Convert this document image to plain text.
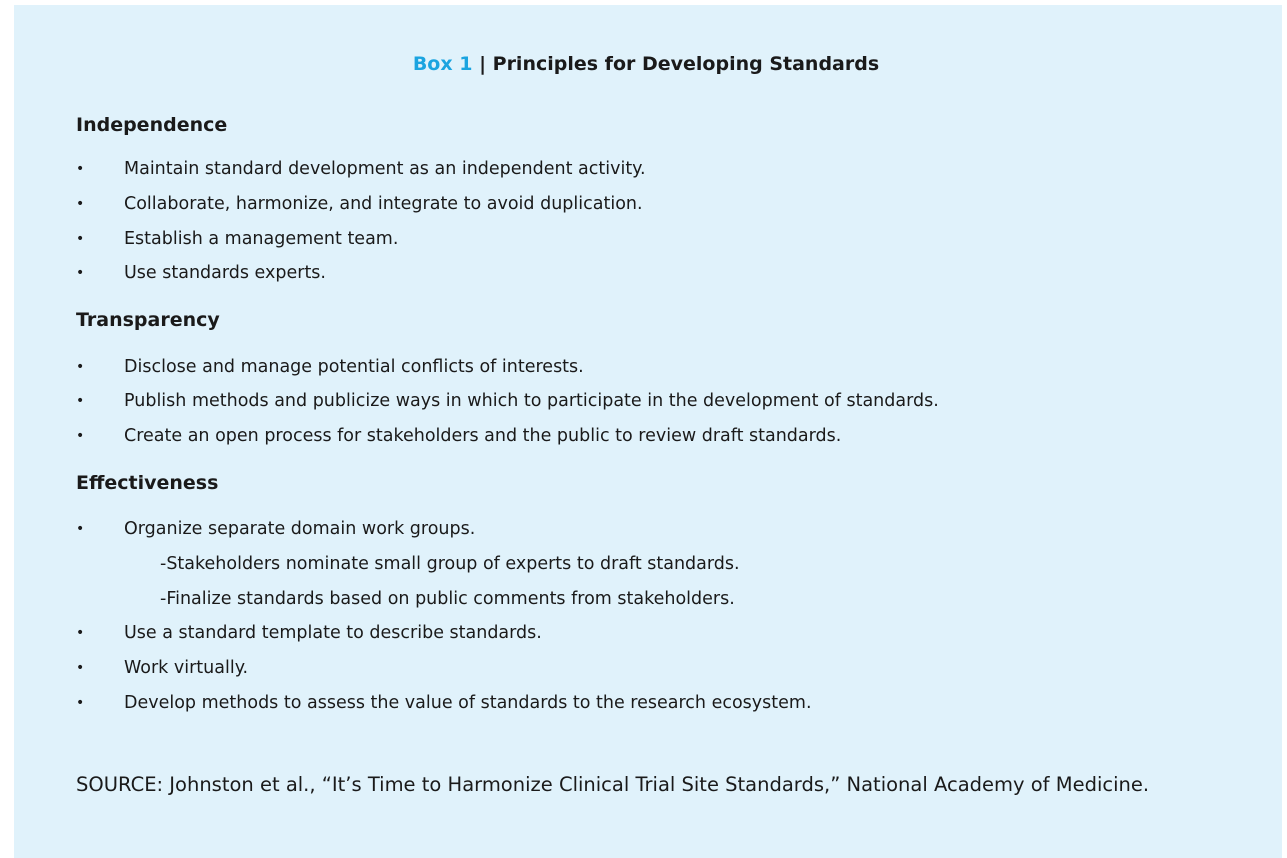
Box 1 | Principles for Developing Standards
Independence
• Maintain standard development as an independent activity.
• Collaborate, harmonize, and integrate to avoid duplication.
• Establish a management team.
• Use standards experts.
Transparency
• Disclose and manage potential conflicts of interests.
• Publish methods and publicize ways in which to participate in the development of standards.
• Create an open process for stakeholders and the public to review draft standards.
Effectiveness
• Organize separate domain work groups.
-Stakeholders nominate small group of experts to draft standards.
-Finalize standards based on public comments from stakeholders.
• Use a standard template to describe standards.
• Work virtually.
• Develop methods to assess the value of standards to the research ecosystem.
SOURCE: Johnston et al., “It’s Time to Harmonize Clinical Trial Site Standards,” National Academy of Medicine.
